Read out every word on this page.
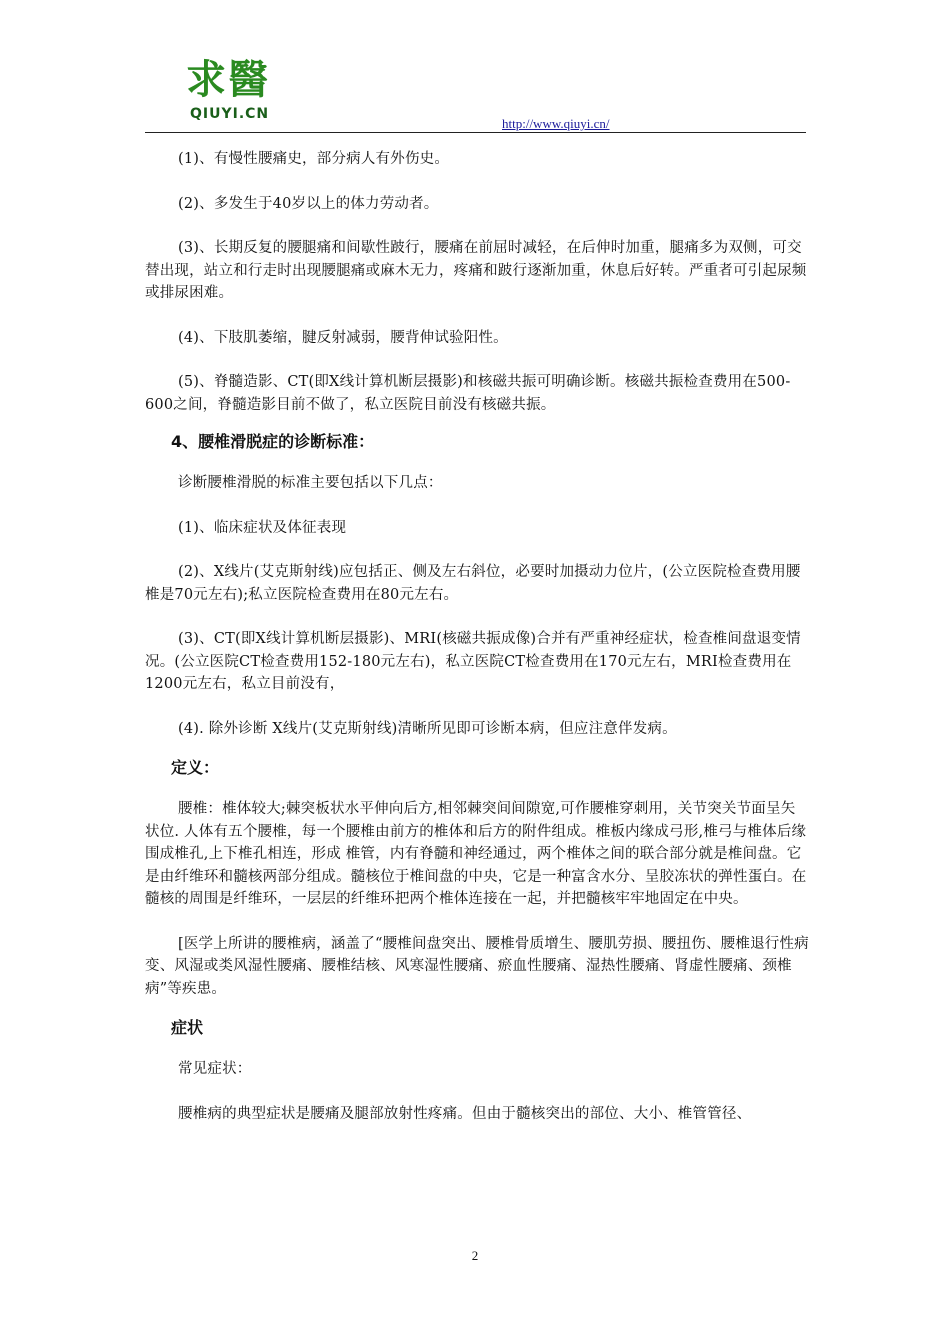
求醫
QIUYI.CN
http://www.qiuyi.cn/

(1)、有慢性腰痛史，部分病人有外伤史。

(2)、多发生于40岁以上的体力劳动者。

(3)、长期反复的腰腿痛和间歇性跛行，腰痛在前屈时减轻，在后伸时加重，腿痛多为双侧，可交替出现，站立和行走时出现腰腿痛或麻木无力，疼痛和跛行逐渐加重，休息后好转。严重者可引起尿频或排尿困难。

(4)、下肢肌萎缩，腱反射减弱，腰背伸试验阳性。

(5)、脊髓造影、CT(即X线计算机断层摄影)和核磁共振可明确诊断。核磁共振检查费用在500-600之间，脊髓造影目前不做了，私立医院目前没有核磁共振。

4、腰椎滑脱症的诊断标准：

诊断腰椎滑脱的标准主要包括以下几点：

(1)、临床症状及体征表现

(2)、X线片(艾克斯射线)应包括正、侧及左右斜位，必要时加摄动力位片，(公立医院检查费用腰椎是70元左右);私立医院检查费用在80元左右。

(3)、CT(即X线计算机断层摄影)、MRI(核磁共振成像)合并有严重神经症状，检查椎间盘退变情况。(公立医院CT检查费用152-180元左右)，私立医院CT检查费用在170元左右，MRI检查费用在1200元左右，私立目前没有，

(4). 除外诊断 X线片(艾克斯射线)清晰所见即可诊断本病，但应注意伴发病。

定义：

腰椎：椎体较大;棘突板状水平伸向后方,相邻棘突间间隙宽,可作腰椎穿刺用，关节突关节面呈矢状位. 人体有五个腰椎，每一个腰椎由前方的椎体和后方的附件组成。椎板内缘成弓形,椎弓与椎体后缘围成椎孔,上下椎孔相连，形成 椎管，内有脊髓和神经通过，两个椎体之间的联合部分就是椎间盘。它是由纤维环和髓核两部分组成。髓核位于椎间盘的中央，它是一种富含水分、呈胶冻状的弹性蛋白。在髓核的周围是纤维环，一层层的纤维环把两个椎体连接在一起，并把髓核牢牢地固定在中央。

[医学上所讲的腰椎病，涵盖了“腰椎间盘突出、腰椎骨质增生、腰肌劳损、腰扭伤、腰椎退行性病变、风湿或类风湿性腰痛、腰椎结核、风寒湿性腰痛、瘀血性腰痛、湿热性腰痛、肾虚性腰痛、颈椎病”等疾患。

症状

常见症状：

腰椎病的典型症状是腰痛及腿部放射性疼痛。但由于髓核突出的部位、大小、椎管管径、

2
